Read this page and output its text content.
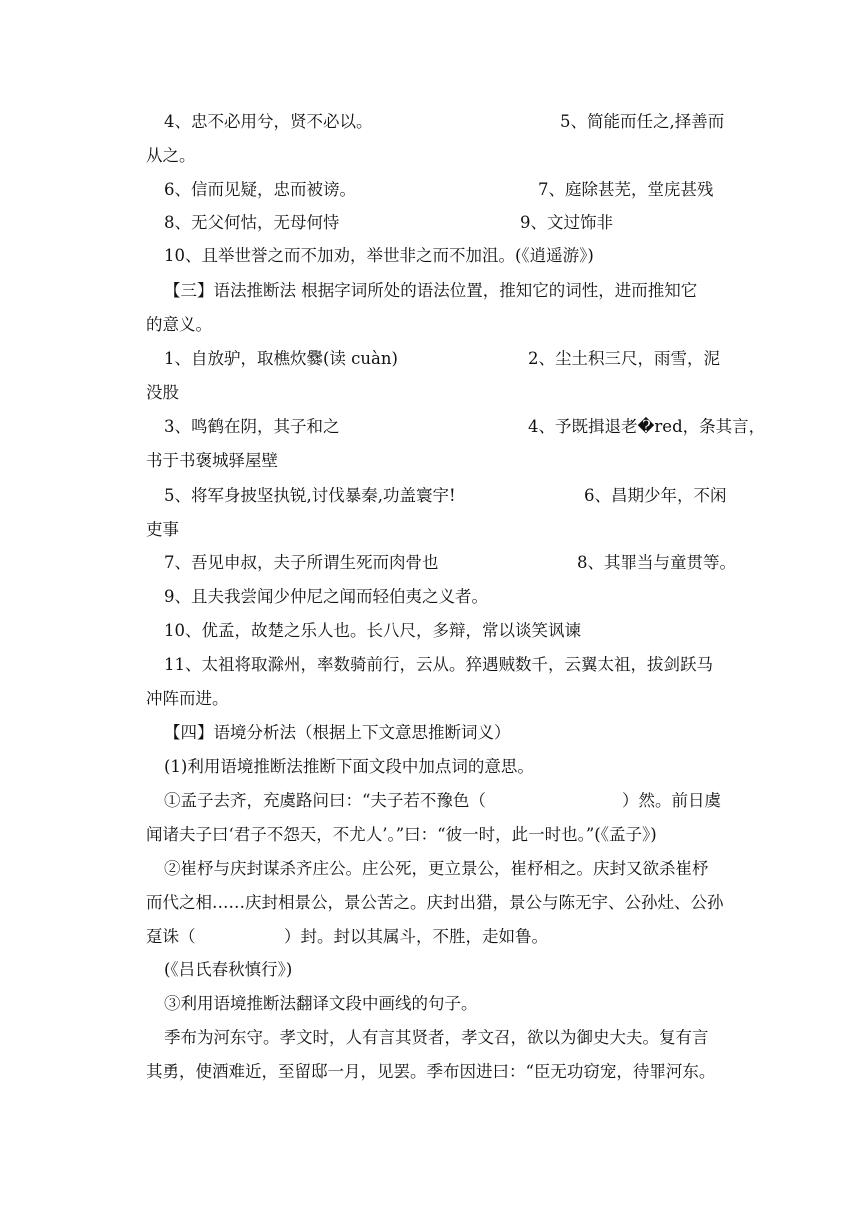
4、忠不必用兮，贤不必以。	5、简能而任之,择善而
从之。
6、信而见疑，忠而被谤。	7、庭除甚芜，堂庑甚残
8、无父何怙，无母何恃	9、文过饰非
10、且举世誉之而不加劝，举世非之而不加沮。(《逍遥游》)
【三】语法推断法 根据字词所处的语法位置，推知它的词性，进而推知它
的意义。
1、自放驴，取樵炊爨(读 cuàn)	2、尘土积三尺，雨雪，泥
没股
3、鸣鹤在阴，其子和之	4、予既揖退老�red，条其言，
书于书褒城驿屋壁
5、将军身披坚执锐,讨伐暴秦,功盖寰宇!	6、昌期少年，不闲
吏事
7、吾见申叔，夫子所谓生死而肉骨也	8、其罪当与童贯等。
9、且夫我尝闻少仲尼之闻而轻伯夷之义者。
10、优孟，故楚之乐人也。长八尺，多辩，常以谈笑讽谏
11、太祖将取滁州，率数骑前行，云从。猝遇贼数千，云翼太祖，拔剑跃马
冲阵而进。
【四】语境分析法（根据上下文意思推断词义）
(1)利用语境推断法推断下面文段中加点词的意思。
①孟子去齐，充虞路问曰：“夫子若不豫色（	）然。前日虞
闻诸夫子曰‘君子不怨天，不尤人’。”曰：“彼一时，此一时也。”(《孟子》)
②崔杼与庆封谋杀齐庄公。庄公死，更立景公，崔杼相之。庆封又欲杀崔杼
而代之相……庆封相景公，景公苦之。庆封出猎，景公与陈无宇、公孙灶、公孙
趸诛（	）封。封以其属斗，不胜，走如鲁。
(《吕氏春秋慎行》)
③利用语境推断法翻译文段中画线的句子。
季布为河东守。孝文时，人有言其贤者，孝文召，欲以为御史大夫。复有言
其勇，使酒难近，至留邸一月，见罢。季布因进曰：“臣无功窃宠，待罪河东。
